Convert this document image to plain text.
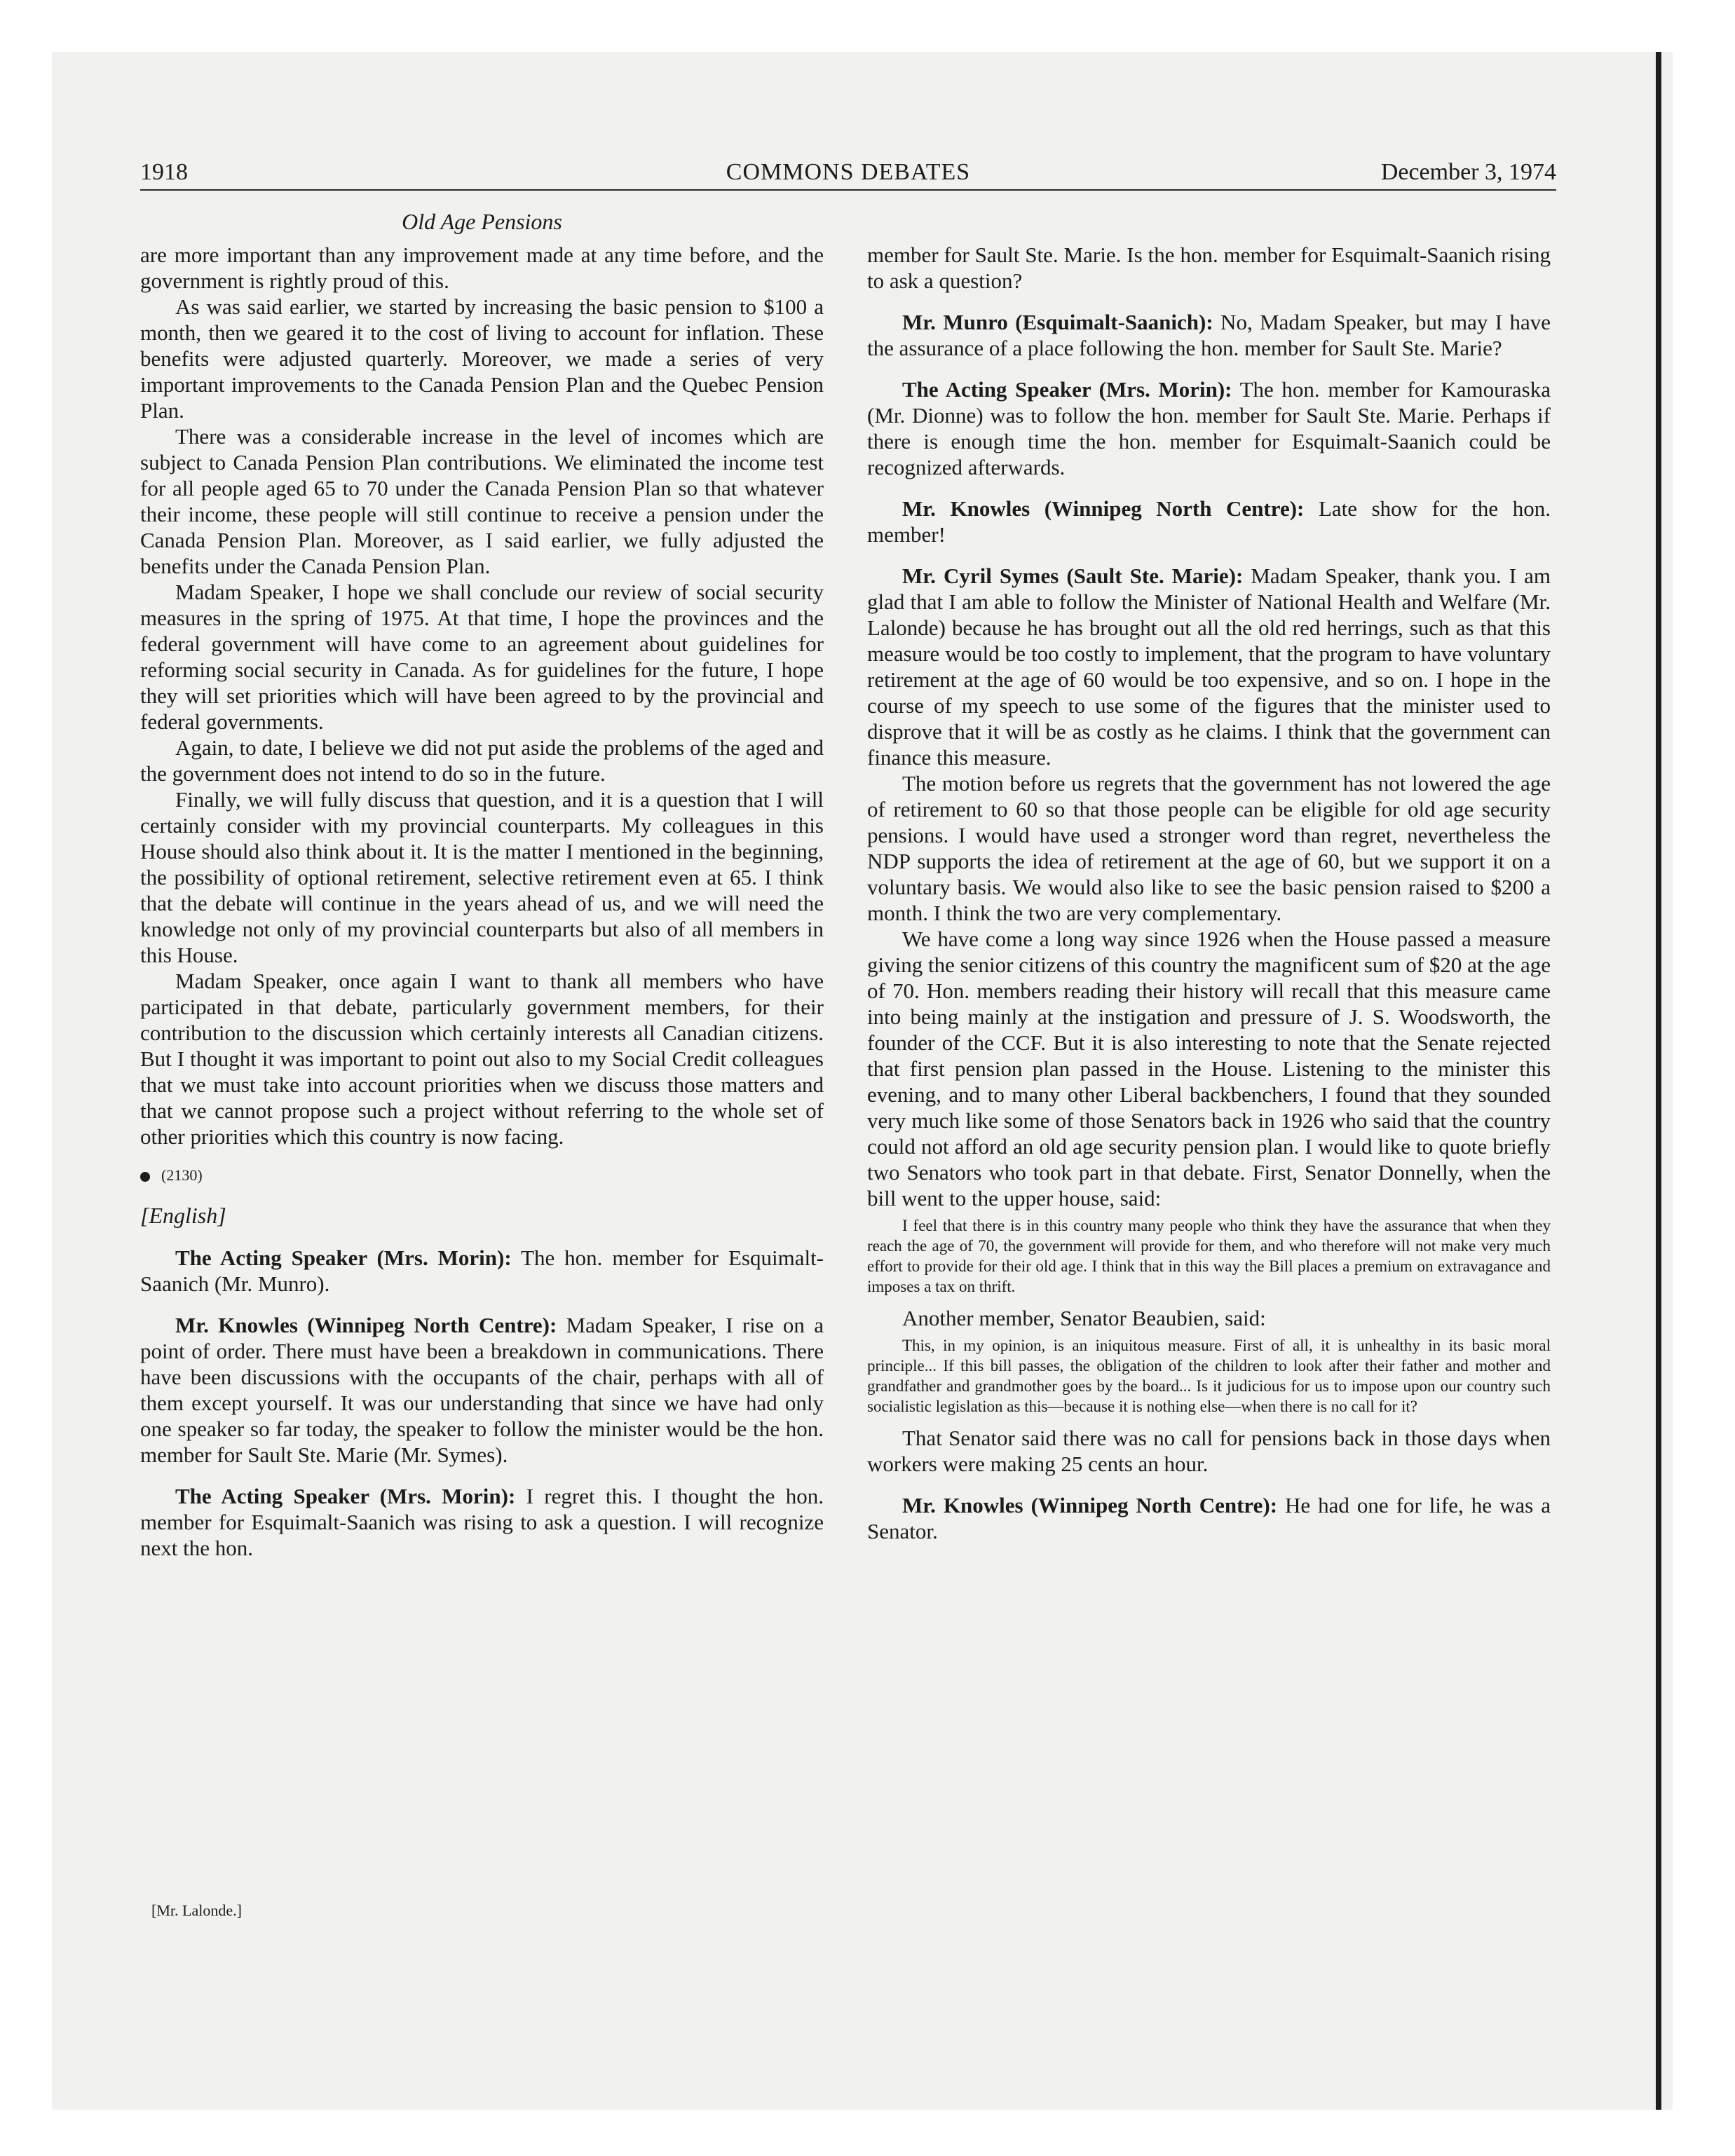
1918	COMMONS DEBATES	December 3, 1974
Old Age Pensions

are more important than any improvement made at any time before, and the government is rightly proud of this.

As was said earlier, we started by increasing the basic pension to $100 a month, then we geared it to the cost of living to account for inflation. These benefits were adjusted quarterly. Moreover, we made a series of very important improvements to the Canada Pension Plan and the Quebec Pension Plan.

There was a considerable increase in the level of incomes which are subject to Canada Pension Plan contributions. We eliminated the income test for all people aged 65 to 70 under the Canada Pension Plan so that whatever their income, these people will still continue to receive a pension under the Canada Pension Plan. Moreover, as I said earlier, we fully adjusted the benefits under the Canada Pension Plan.

Madam Speaker, I hope we shall conclude our review of social security measures in the spring of 1975. At that time, I hope the provinces and the federal government will have come to an agreement about guidelines for reforming social security in Canada. As for guidelines for the future, I hope they will set priorities which will have been agreed to by the provincial and federal governments.

Again, to date, I believe we did not put aside the problems of the aged and the government does not intend to do so in the future.

Finally, we will fully discuss that question, and it is a question that I will certainly consider with my provincial counterparts. My colleagues in this House should also think about it. It is the matter I mentioned in the beginning, the possibility of optional retirement, selective retirement even at 65. I think that the debate will continue in the years ahead of us, and we will need the knowledge not only of my provincial counterparts but also of all members in this House.

Madam Speaker, once again I want to thank all members who have participated in that debate, particularly government members, for their contribution to the discussion which certainly interests all Canadian citizens. But I thought it was important to point out also to my Social Credit colleagues that we must take into account priorities when we discuss those matters and that we cannot propose such a project without referring to the whole set of other priorities which this country is now facing.

(2130)

[English]

The Acting Speaker (Mrs. Morin): The hon. member for Esquimalt-Saanich (Mr. Munro).

Mr. Knowles (Winnipeg North Centre): Madam Speaker, I rise on a point of order. There must have been a breakdown in communications. There have been discussions with the occupants of the chair, perhaps with all of them except yourself. It was our understanding that since we have had only one speaker so far today, the speaker to follow the minister would be the hon. member for Sault Ste. Marie (Mr. Symes).

The Acting Speaker (Mrs. Morin): I regret this. I thought the hon. member for Esquimalt-Saanich was rising to ask a question. I will recognize next the hon.

member for Sault Ste. Marie. Is the hon. member for Esquimalt-Saanich rising to ask a question?

Mr. Munro (Esquimalt-Saanich): No, Madam Speaker, but may I have the assurance of a place following the hon. member for Sault Ste. Marie?

The Acting Speaker (Mrs. Morin): The hon. member for Kamouraska (Mr. Dionne) was to follow the hon. member for Sault Ste. Marie. Perhaps if there is enough time the hon. member for Esquimalt-Saanich could be recognized afterwards.

Mr. Knowles (Winnipeg North Centre): Late show for the hon. member!

Mr. Cyril Symes (Sault Ste. Marie): Madam Speaker, thank you. I am glad that I am able to follow the Minister of National Health and Welfare (Mr. Lalonde) because he has brought out all the old red herrings, such as that this measure would be too costly to implement, that the program to have voluntary retirement at the age of 60 would be too expensive, and so on. I hope in the course of my speech to use some of the figures that the minister used to disprove that it will be as costly as he claims. I think that the government can finance this measure.

The motion before us regrets that the government has not lowered the age of retirement to 60 so that those people can be eligible for old age security pensions. I would have used a stronger word than regret, nevertheless the NDP supports the idea of retirement at the age of 60, but we support it on a voluntary basis. We would also like to see the basic pension raised to $200 a month. I think the two are very complementary.

We have come a long way since 1926 when the House passed a measure giving the senior citizens of this country the magnificent sum of $20 at the age of 70. Hon. members reading their history will recall that this measure came into being mainly at the instigation and pressure of J. S. Woodsworth, the founder of the CCF. But it is also interesting to note that the Senate rejected that first pension plan passed in the House. Listening to the minister this evening, and to many other Liberal backbenchers, I found that they sounded very much like some of those Senators back in 1926 who said that the country could not afford an old age security pension plan. I would like to quote briefly two Senators who took part in that debate. First, Senator Donnelly, when the bill went to the upper house, said:

I feel that there is in this country many people who think they have the assurance that when they reach the age of 70, the government will provide for them, and who therefore will not make very much effort to provide for their old age. I think that in this way the Bill places a premium on extravagance and imposes a tax on thrift.

Another member, Senator Beaubien, said:

This, in my opinion, is an iniquitous measure. First of all, it is unhealthy in its basic moral principle... If this bill passes, the obligation of the children to look after their father and mother and grandfather and grandmother goes by the board... Is it judicious for us to impose upon our country such socialistic legislation as this—because it is nothing else—when there is no call for it?

That Senator said there was no call for pensions back in those days when workers were making 25 cents an hour.

Mr. Knowles (Winnipeg North Centre): He had one for life, he was a Senator.

[Mr. Lalonde.]
